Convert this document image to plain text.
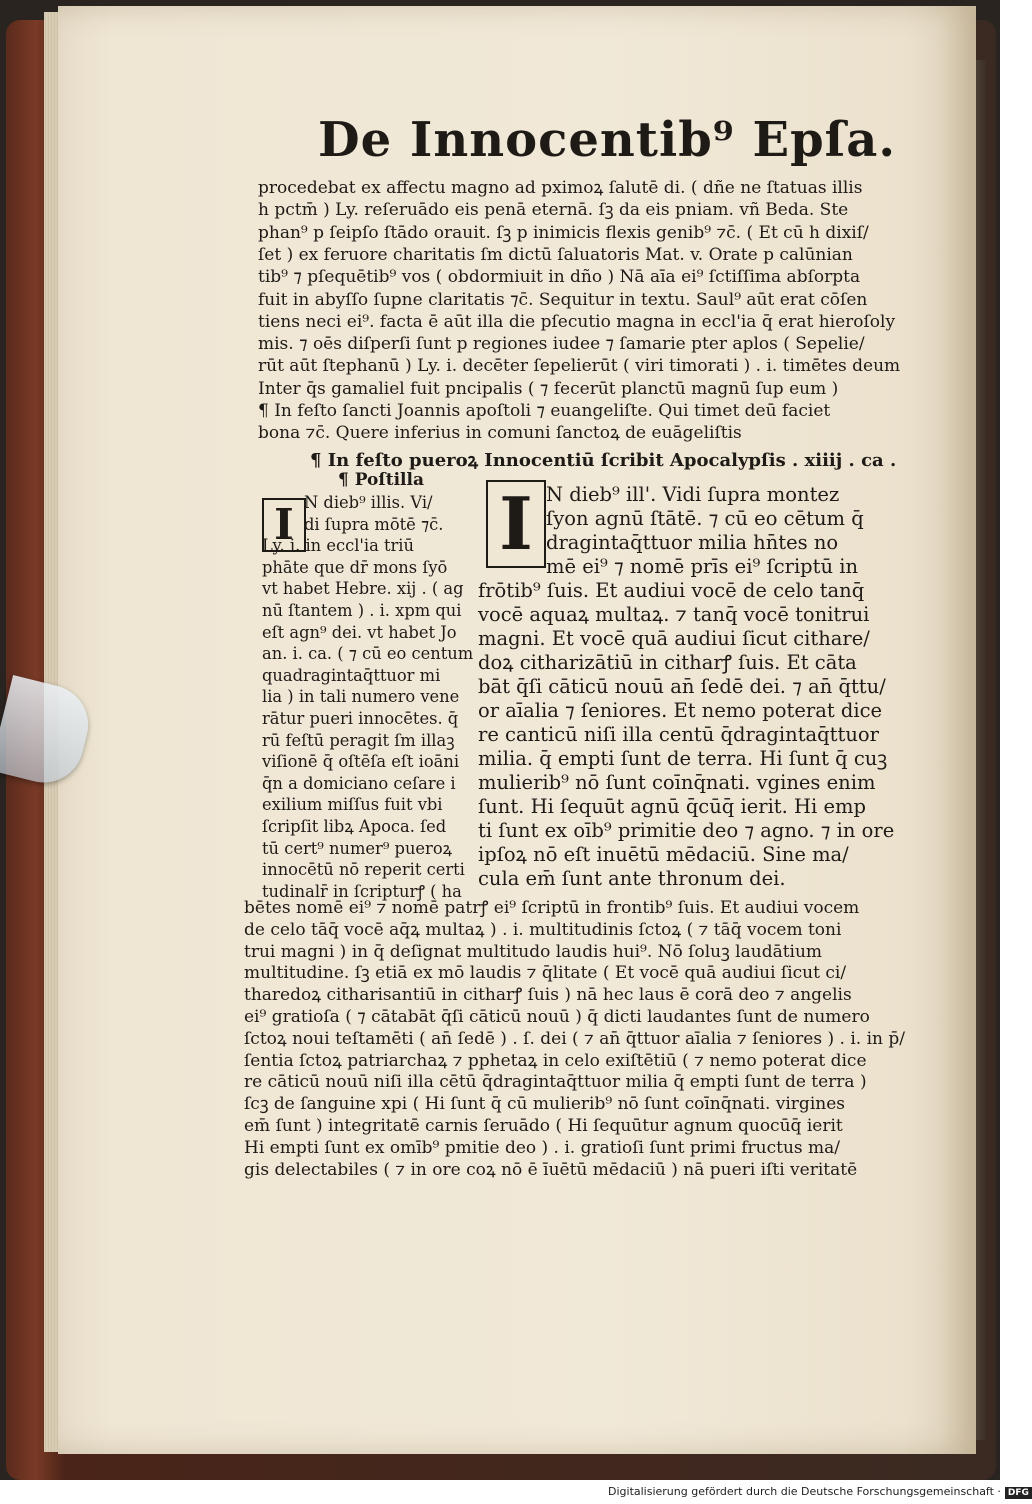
De Innocentib⁹ Epſa.
procedebat ex affectu magno ad pximoꝝ ſalutē di. ( dñe ne ſtatuas illis
h pctm̄ ) Ly. reſeruādo eis penā eternā. ſꝫ da eis pniam. vñ Beda. Ste
phan⁹ p ſeipſo ſtādo orauit. ſꝫ p inimicis flexis genib⁹ ⁊c̄. ( Et cū h dixiſ/
ſet ) ex feruore charitatis ſm dictū ſaluatoris Mat. v. Orate p calūnian
tib⁹ ⁊ pſequētib⁹ vos ( obdormiuit in dño ) Nā aīa ei⁹ ſctiſſima abſorpta
fuit in abyſſo ſupne claritatis ⁊c̄. Sequitur in textu. Saul⁹ aūt erat cōſen
tiens neci ei⁹. facta ē aūt illa die pſecutio magna in eccl'ia q̄ erat hieroſoly
mis. ⁊ oēs diſperſi ſunt p regiones iudee ⁊ ſamarie pter aplos ( Sepelie/
rūt aūt ſtephanū ) Ly. i. decēter ſepelierūt ( viri timorati ) . i. timētes deum
Inter q̄s gamaliel fuit pncipalis ( ⁊ fecerūt planctū magnū ſup eum )
¶ In feſto ſancti Joannis apoſtoli ⁊ euangeliſte. Qui timet deū faciet
bona ⁊c̄. Quere inferius in comuni ſanctoꝝ de euāgeliſtis
¶ In feſto pueroꝝ Innocentiū ſcribit Apocalypſis . xiiij . ca .
¶ Poſtilla
I	I
N dieb⁹ illis. Vi/
di ſupra mōtē ⁊c̄.
Ly. i. in eccl'ia triū
phāte que dr̄ mons ſyō
vt habet Hebre. xij . ( ag
nū ſtantem ) . i. xpm qui
eſt agn⁹ dei. vt habet Jo
an. i. ca. ( ⁊ cū eo centum
quadragintaq̄ttuor mi
lia ) in tali numero vene
rātur pueri innocētes. q̄
rū feſtū peragit ſm illaꝫ
viſionē q̄ oſtēſa eſt ioāni
q̄n a domiciano ceſare i
exilium miſſus fuit vbi
ſcripſit libꝝ Apoca. ſed
tū cert⁹ numer⁹ pueroꝝ
innocētū nō reperit certi
tudinalr̄ in ſcripturꝭ ( ha
N dieb⁹ ill'. Vidi ſupra montez
ſyon agnū ſtātē. ⁊ cū eo cētum q̄
dragintaq̄ttuor milia hn̄tes no
mē ei⁹ ⁊ nomē prīs ei⁹ ſcriptū in
frōtib⁹ ſuis. Et audiui vocē de celo tanq̄
vocē aquaꝝ multaꝝ. ⁊ tanq̄ vocē tonitrui
magni. Et vocē quā audiui ſicut cithare/
doꝝ citharizātiū in citharꝭ ſuis. Et cāta
bāt q̄ſi cāticū nouū an̄ ſedē dei. ⁊ an̄ q̄ttu/
or aīalia ⁊ ſeniores. Et nemo poterat dice
re canticū niſi illa centū q̄dragintaq̄ttuor
milia. q̄ empti ſunt de terra. Hi ſunt q̄ cuꝫ
mulierib⁹ nō ſunt coīnq̄nati. vgines enim
ſunt. Hi ſequūt agnū q̄cūq̄ ierit. Hi emp
ti ſunt ex oīb⁹ primitie deo ⁊ agno. ⁊ in ore
ipſoꝝ nō eſt inuētū mēdaciū. Sine ma/
cula em̄ ſunt ante thronum dei.
bētes nomē ei⁹ ⁊ nomē patrꝭ ei⁹ ſcriptū in frontib⁹ ſuis. Et audiui vocem
de celo tāq̄ vocē aq̄ꝝ multaꝝ ) . i. multitudinis ſctoꝝ ( ⁊ tāq̄ vocem toni
trui magni ) in q̄ deſignat multitudo laudis hui⁹. Nō ſoluꝫ laudātium
multitudine. ſꝫ etiā ex mō laudis ⁊ q̄litate ( Et vocē quā audiui ſicut ci/
tharedoꝝ citharisantiū in citharꝭ ſuis ) nā hec laus ē corā deo ⁊ angelis
ei⁹ gratioſa ( ⁊ cātabāt q̄ſi cāticū nouū ) q̄ dicti laudantes ſunt de numero
ſctoꝝ noui teſtamēti ( an̄ ſedē ) . ſ. dei ( ⁊ an̄ q̄ttuor aīalia ⁊ ſeniores ) . i. in p̄/
ſentia ſctoꝝ patriarchaꝝ ⁊ pphetaꝝ in celo exiſtētiū ( ⁊ nemo poterat dice
re cāticū nouū niſi illa cētū q̄dragintaq̄ttuor milia q̄ empti ſunt de terra )
ſcꝫ de ſanguine xpi ( Hi ſunt q̄ cū mulierib⁹ nō ſunt coīnq̄nati. virgines
em̄ ſunt ) integritatē carnis ſeruādo ( Hi ſequūtur agnum quocūq̄ ierit
Hi empti ſunt ex omīb⁹ pmitie deo ) . i. gratioſi ſunt primi fructus ma/
gis delectabiles ( ⁊ in ore coꝝ nō ē īuētū mēdaciū ) nā pueri iſti veritatē
Digitalisierung gefördert durch die Deutsche Forschungsgemeinschaft · DFG
